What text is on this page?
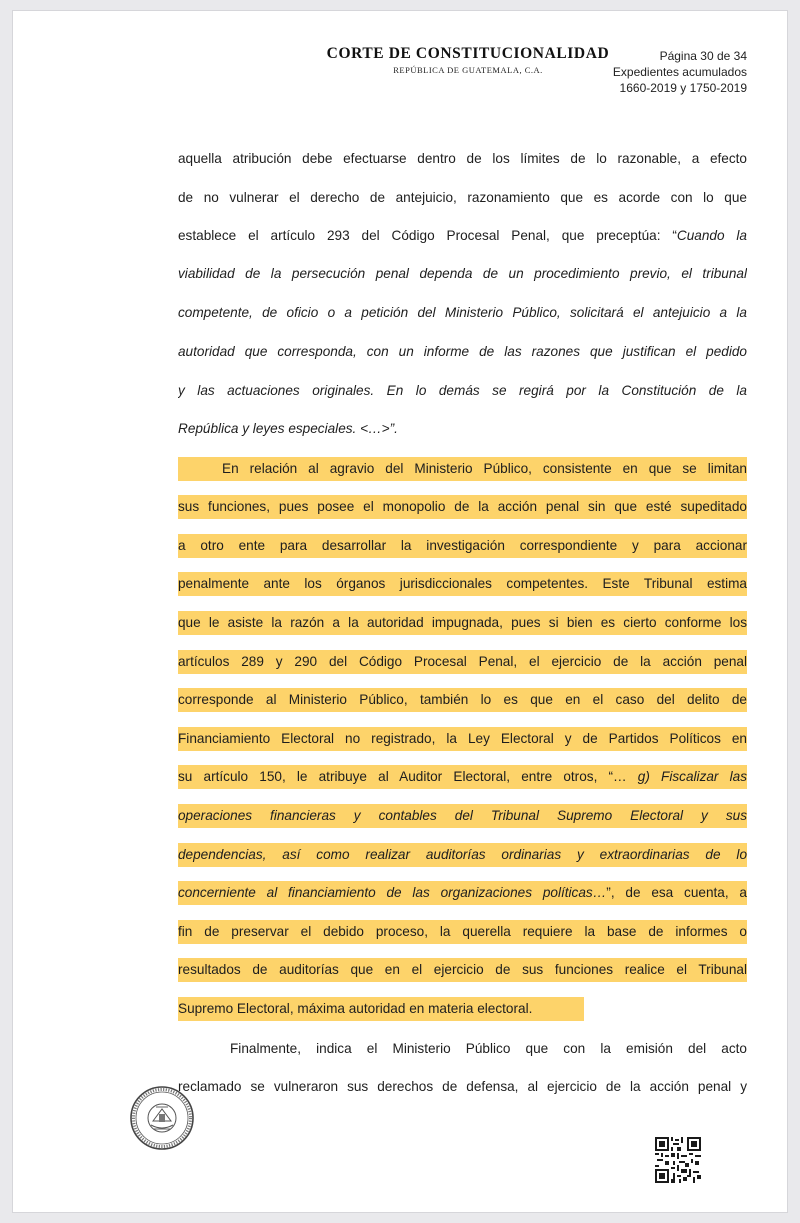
CORTE DE CONSTITUCIONALIDAD
REPÚBLICA DE GUATEMALA, C.A.
Página 30 de 34
Expedientes acumulados
1660-2019 y 1750-2019
aquella atribución debe efectuarse dentro de los límites de lo razonable, a efecto
de no vulnerar el derecho de antejuicio, razonamiento que es acorde con lo que
establece el artículo 293 del Código Procesal Penal, que preceptúa: “Cuando la
viabilidad de la persecución penal dependa de un procedimiento previo, el tribunal
competente, de oficio o a petición del Ministerio Público, solicitará el antejuicio a la
autoridad que corresponda, con un informe de las razones que justifican el pedido
y las actuaciones originales. En lo demás se regirá por la Constitución de la
República y leyes especiales. <…>”.
En relación al agravio del Ministerio Público, consistente en que se limitan
sus funciones, pues posee el monopolio de la acción penal sin que esté supeditado
a otro ente para desarrollar la investigación correspondiente y para accionar
penalmente ante los órganos jurisdiccionales competentes. Este Tribunal estima
que le asiste la razón a la autoridad impugnada, pues si bien es cierto conforme los
artículos 289 y 290 del Código Procesal Penal, el ejercicio de la acción penal
corresponde al Ministerio Público, también lo es que en el caso del delito de
Financiamiento Electoral no registrado, la Ley Electoral y de Partidos Políticos en
su artículo 150, le atribuye al Auditor Electoral, entre otros, “… g) Fiscalizar las
operaciones financieras y contables del Tribunal Supremo Electoral y sus
dependencias, así como realizar auditorías ordinarias y extraordinarias de lo
concerniente al financiamiento de las organizaciones políticas…”, de esa cuenta, a
fin de preservar el debido proceso, la querella requiere la base de informes o
resultados de auditorías que en el ejercicio de sus funciones realice el Tribunal
Supremo Electoral, máxima autoridad en materia electoral.
Finalmente, indica el Ministerio Público que con la emisión del acto
reclamado se vulneraron sus derechos de defensa, al ejercicio de la acción penal y
